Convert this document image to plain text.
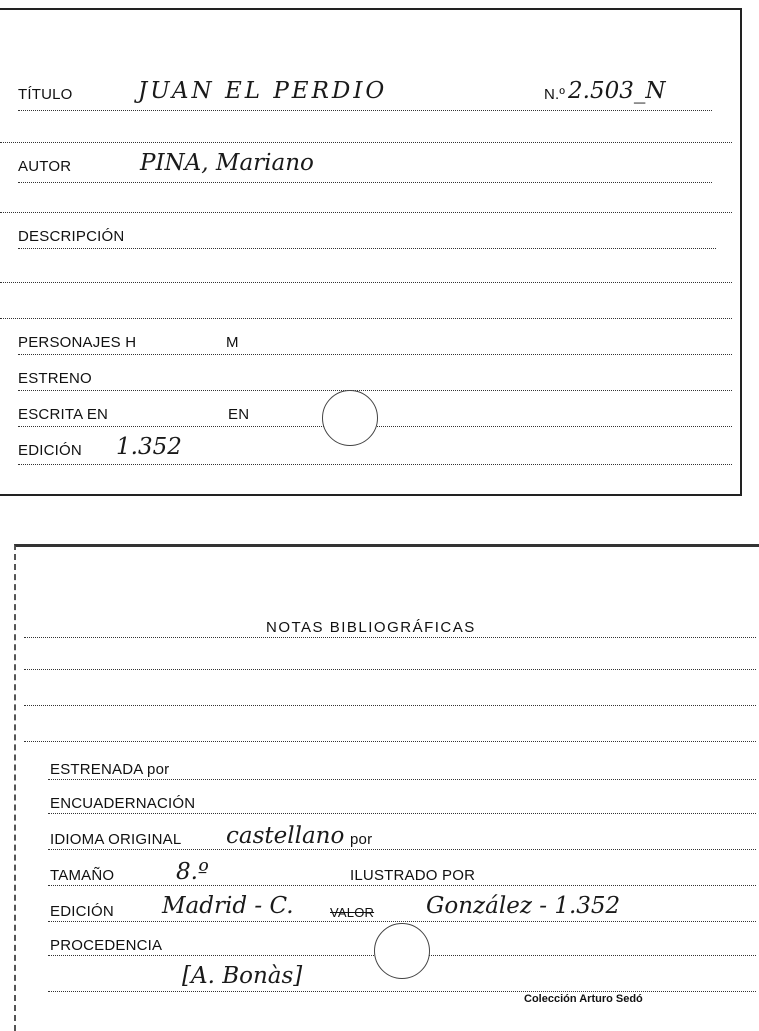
TÍTULO	JUAN EL PERDIO	N.º 2.503_N
AUTOR	PINA, Mariano
DESCRIPCIÓN
PERSONAJES H	M
ESTRENO
ESCRITA EN	EN
EDICIÓN 1.352
NOTAS BIBLIOGRÁFICAS
ESTRENADA por
ENCUADERNACIÓN
IDIOMA ORIGINAL castellano por
TAMAÑO	8.º	ILUSTRADO POR
EDICIÓN Madrid - C.	VALOR González - 1.352
PROCEDENCIA
[A. Bonàs]
Colección Arturo Sedó
